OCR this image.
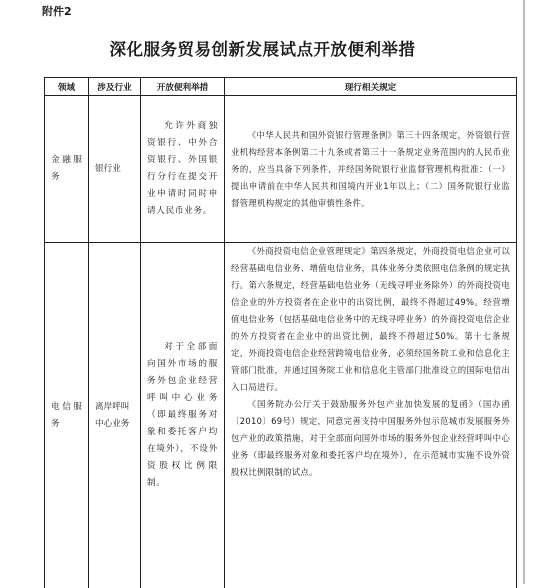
附件2
深化服务贸易创新发展试点开放便利举措
领域	涉及行业	开放便利举措	现行相关规定

金融服务	银行业	允许外商独资银行、中外合资银行、外国银行分行在提交开业申请时同时申请人民币业务。	《中华人民共和国外资银行管理条例》第三十四条规定，外资银行营业机构经营本条例第二十九条或者第三十一条规定业务范围内的人民币业务的，应当具备下列条件，并经国务院银行业监督管理机构批准：（一）提出申请前在中华人民共和国境内开业1年以上；（二）国务院银行业监督管理机构规定的其他审慎性条件。

电信服务	离岸呼叫中心业务	对于全部面向国外市场的服务外包企业经营呼叫中心业务（即最终服务对象和委托客户均在境外），不设外资股权比例限制。	《外商投资电信企业管理规定》第四条规定，外商投资电信企业可以经营基础电信业务、增值电信业务，具体业务分类依照电信条例的规定执行。第六条规定，经营基础电信业务（无线寻呼业务除外）的外商投资电信企业的外方投资者在企业中的出资比例，最终不得超过49%。经营增值电信业务（包括基础电信业务中的无线寻呼业务）的外商投资电信企业的外方投资者在企业中的出资比例，最终不得超过50%。第十七条规定，外商投资电信企业经营跨境电信业务，必须经国务院工业和信息化主管部门批准，并通过国务院工业和信息化主管部门批准设立的国际电信出入口局进行。

《国务院办公厅关于鼓励服务外包产业加快发展的复函》（国办函〔2010〕69号）规定，同意完善支持中国服务外包示范城市发展服务外包产业的政策措施，对于全部面向国外市场的服务外包企业经营呼叫中心业务（即最终服务对象和委托客户均在境外），在示范城市实施不设外资股权比例限制的试点。
